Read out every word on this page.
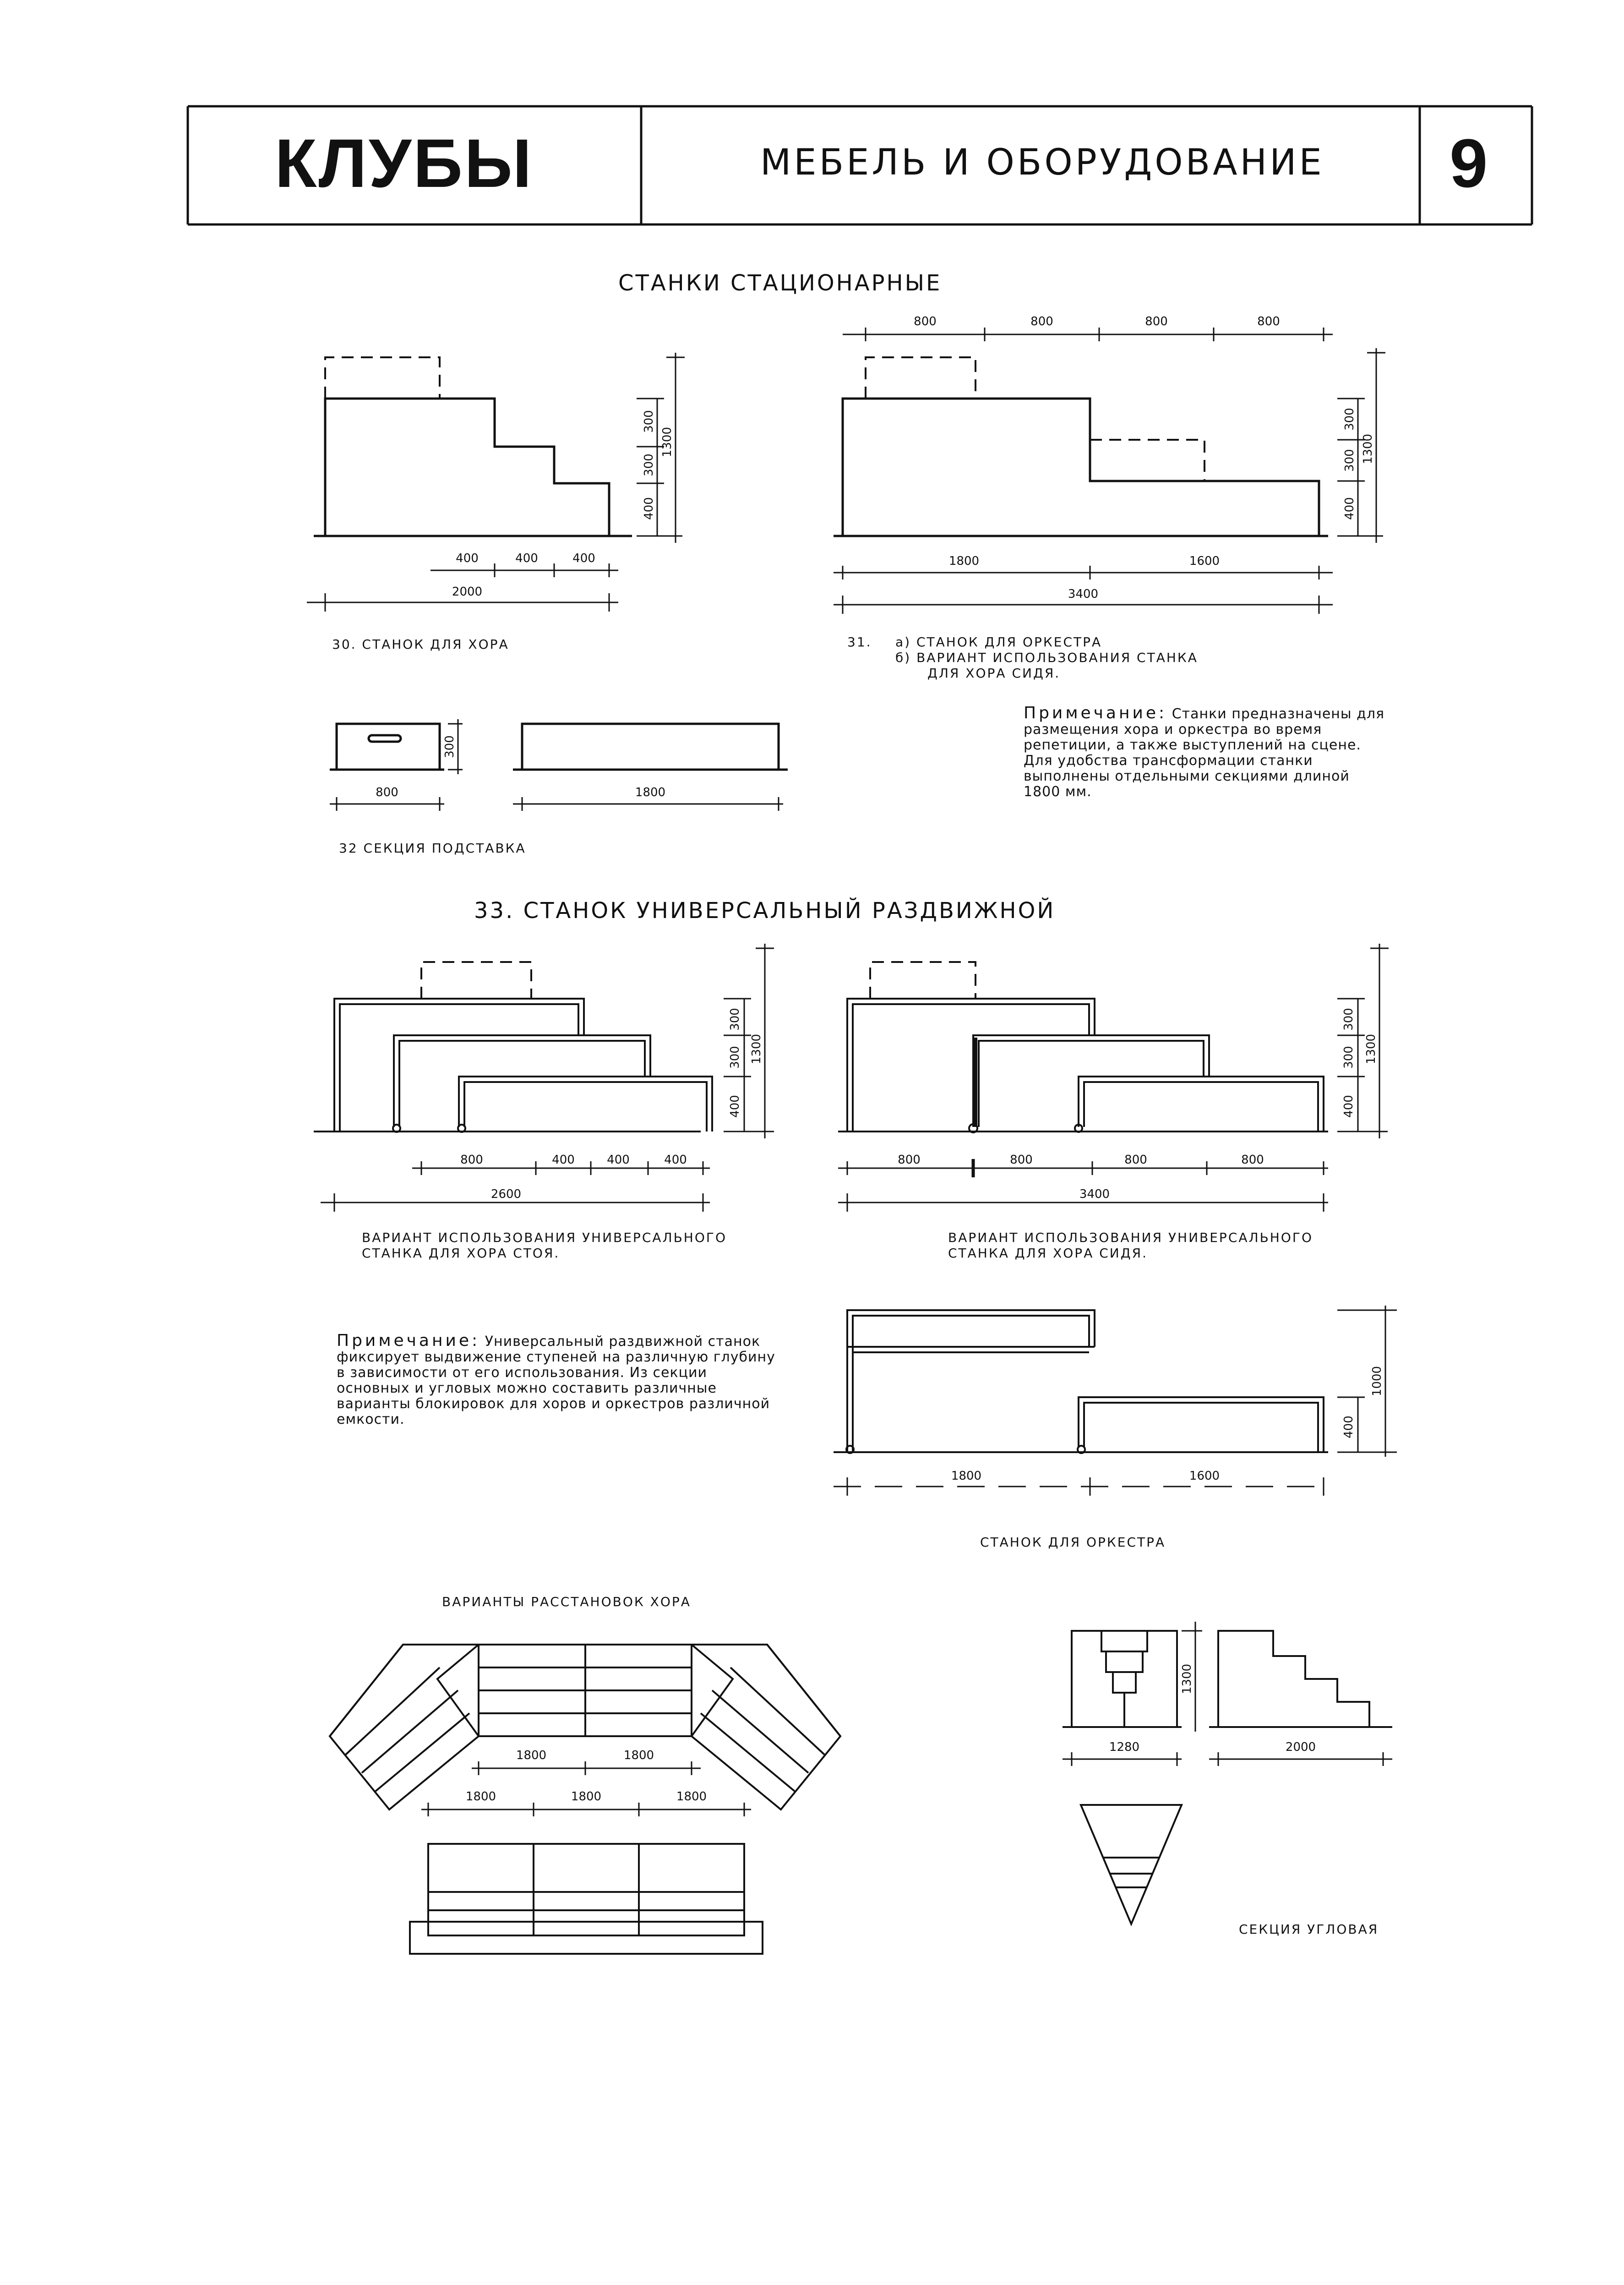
КЛУБЫ	МЕБЕЛЬ И ОБОРУДОВАНИЕ 9
СТАНКИ СТАЦИОНАРНЫЕ
33. СТАНОК УНИВЕРСАЛЬНЫЙ РАЗДВИЖНОЙ
ВАРИАНТЫ РАССТАНОВОК ХОРА
400	400
400
2000
300
300
400
1300
30. СТАНОК ДЛЯ ХОРА
800	800	800	800
1800	1600
3400
300
300
400
1300
31. а) СТАНОК ДЛЯ ОРКЕСТРА
б) ВАРИАНТ ИСПОЛЬЗОВАНИЯ СТАНКА
ДЛЯ ХОРА СИДЯ.
Примечание: Станки предназначены для размещения хора и оркестра во время репетиции, а также выступлений на сцене. Для удобства трансформации станки выполнены отдельными секциями длиной 1800 мм.
800	1800
300
32 СЕКЦИЯ ПОДСТАВКА
800	400	400	400
2600
300
300
400
1300
ВАРИАНТ ИСПОЛЬЗОВАНИЯ УНИВЕРСАЛЬНОГО
СТАНКА ДЛЯ ХОРА СТОЯ.
800	800	800	800
3400
300
300
400
1300
ВАРИАНТ ИСПОЛЬЗОВАНИЯ УНИВЕРСАЛЬНОГО
СТАНКА ДЛЯ ХОРА СИДЯ.
Примечание: Универсальный раздвижной станок фиксирует выдвижение ступеней на различную глубину в зависимости от его использования. Из секции основных и угловых можно составить различные варианты блокировок для хоров и оркестров различной емкости.
1800	1600
400
1000
СТАНОК ДЛЯ ОРКЕСТРА
1800	1800
1800	1800	1800
1280	2000
1300
СЕКЦИЯ УГЛОВАЯ
